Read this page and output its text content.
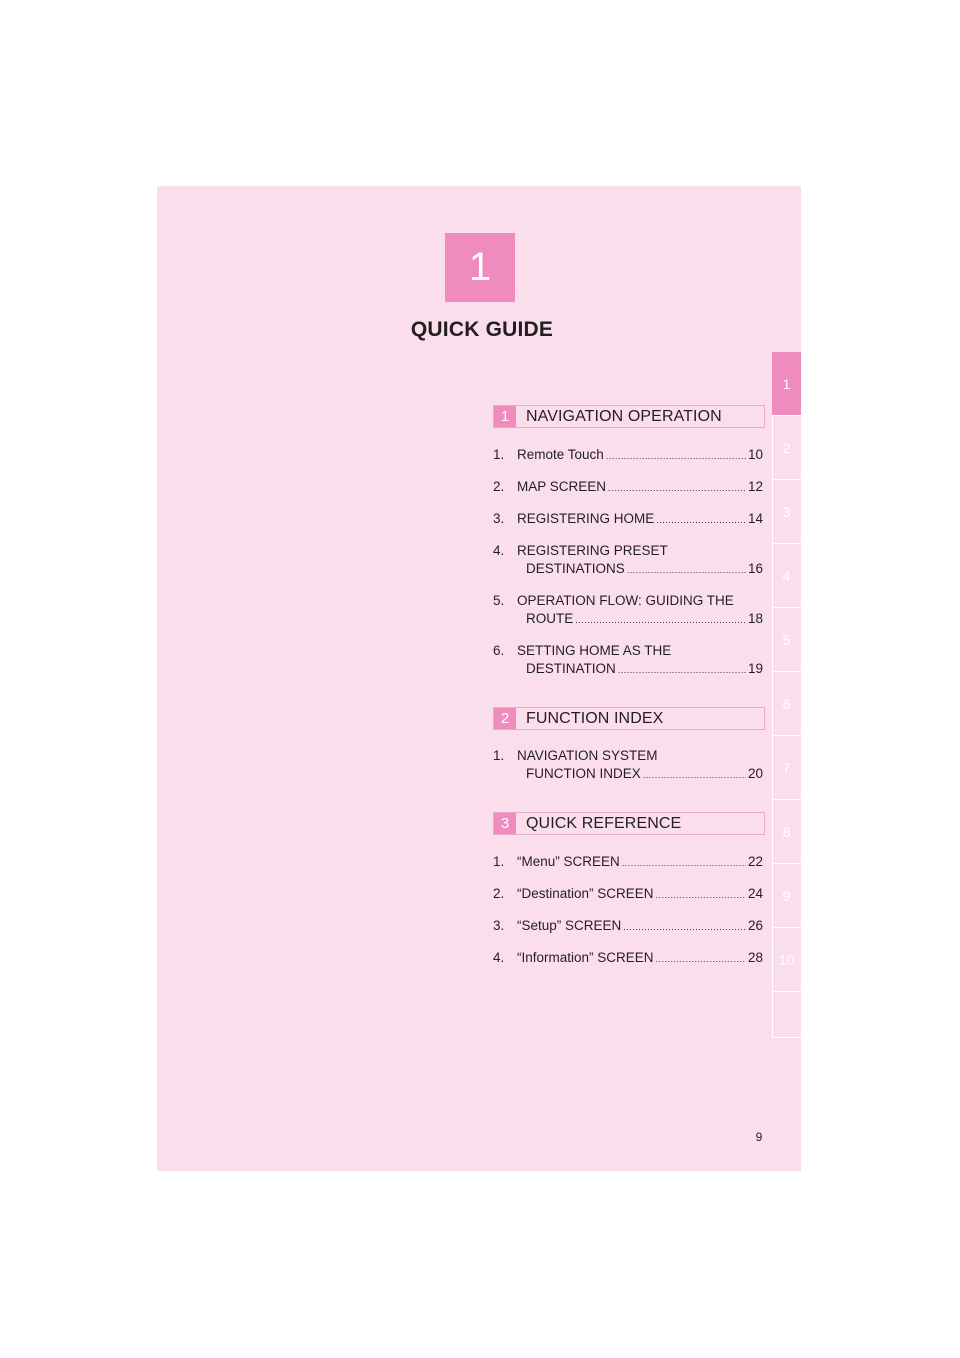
1
QUICK GUIDE
1
2
3
4
5
6
7
8
9
10
1	NAVIGATION OPERATION
1. Remote Touch .....	10
2. MAP SCREEN .....	12
3. REGISTERING HOME .....	14
4. REGISTERING PRESET
DESTINATIONS .....	16
5. OPERATION FLOW: GUIDING THE
ROUTE .....	18
6. SETTING HOME AS THE
DESTINATION .....	19
2	FUNCTION INDEX
1. NAVIGATION SYSTEM
FUNCTION INDEX .....	20
3	QUICK REFERENCE
1. “Menu” SCREEN .....	22
2. “Destination” SCREEN .....	24
3. “Setup” SCREEN .....	26
4. “Information” SCREEN .....	28
9
